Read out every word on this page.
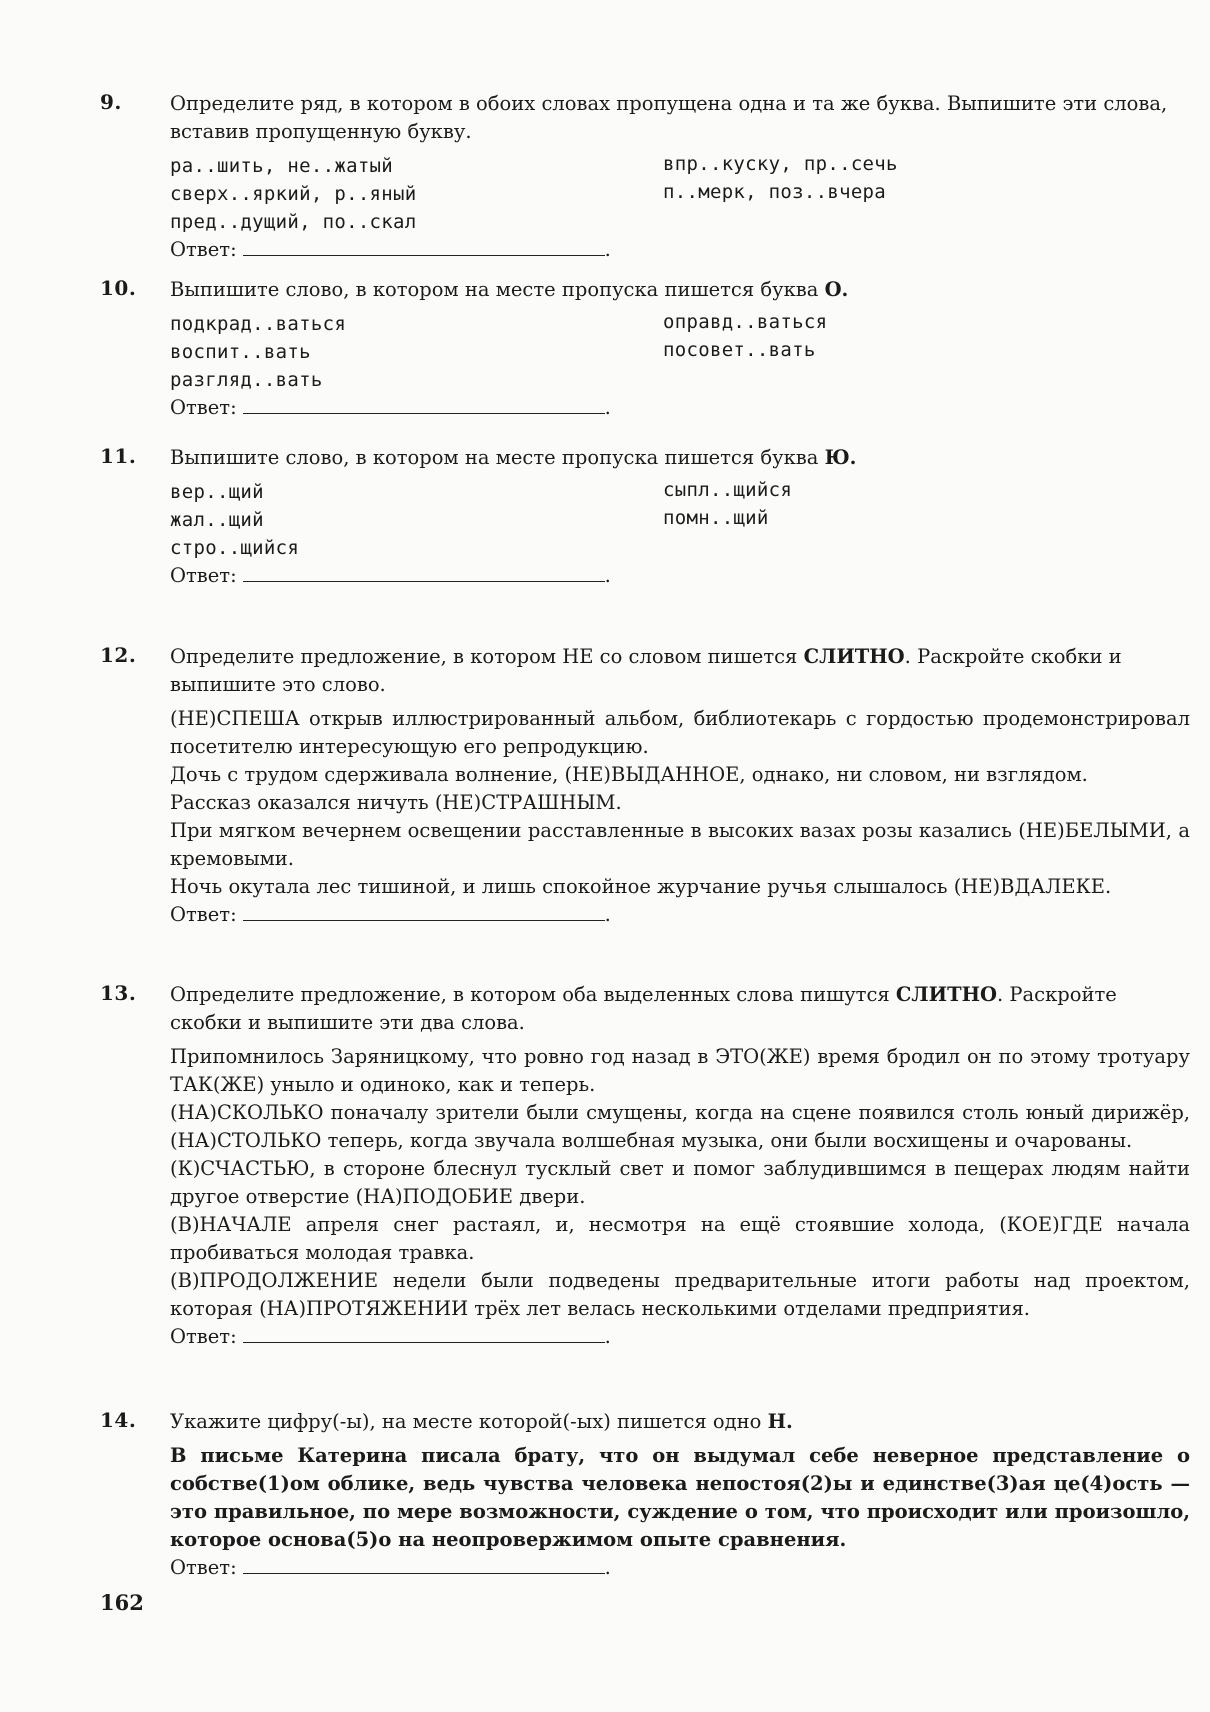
9. Определите ряд, в котором в обоих словах пропущена одна и та же буква. Выпишите эти слова, вставив пропущенную букву.

ра..шить, не..жатый
сверх..яркий, р..яный
пред..дущий, по..скал
впр..куску, пр..сечь
п..мерк, поз..вчера
Ответ:	.
10. Выпишите слово, в котором на месте пропуска пишется буква О.

подкрад..ваться
воспит..вать
разгляд..вать
оправд..ваться
посовет..вать
Ответ:	.
11. Выпишите слово, в котором на месте пропуска пишется буква Ю.

вер..щий
жал..щий
стро..щийся
сыпл..щийся
помн..щий
Ответ:	.
12. Определите предложение, в котором НЕ со словом пишется СЛИТНО. Раскройте скобки и выпишите это слово.

(НЕ)СПЕША открыв иллюстрированный альбом, библиотекарь с гордостью продемонстрировал посетителю интересующую его репродукцию.

Дочь с трудом сдерживала волнение, (НЕ)ВЫДАННОЕ, однако, ни словом, ни взглядом.

Рассказ оказался ничуть (НЕ)СТРАШНЫМ.

При мягком вечернем освещении расставленные в высоких вазах розы казались (НЕ)БЕЛЫМИ, а кремовыми.

Ночь окутала лес тишиной, и лишь спокойное журчание ручья слышалось (НЕ)ВДАЛЕКЕ.

Ответ:	.
13. Определите предложение, в котором оба выделенных слова пишутся СЛИТНО. Раскройте скобки и выпишите эти два слова.

Припомнилось Заряницкому, что ровно год назад в ЭТО(ЖЕ) время бродил он по этому тротуару ТАК(ЖЕ) уныло и одиноко, как и теперь.

(НА)СКОЛЬКО поначалу зрители были смущены, когда на сцене появился столь юный дирижёр, (НА)СТОЛЬКО теперь, когда звучала волшебная музыка, они были восхищены и очарованы.

(К)СЧАСТЬЮ, в стороне блеснул тусклый свет и помог заблудившимся в пещерах людям найти другое отверстие (НА)ПОДОБИЕ двери.

(В)НАЧАЛЕ апреля снег растаял, и, несмотря на ещё стоявшие холода, (КОЕ)ГДЕ начала пробиваться молодая травка.

(В)ПРОДОЛЖЕНИЕ недели были подведены предварительные итоги работы над проектом, которая (НА)ПРОТЯЖЕНИИ трёх лет велась несколькими отделами предприятия.

Ответ:	.
14. Укажите цифру(-ы), на месте которой(-ых) пишется одно Н.

В письме Катерина писала брату, что он выдумал себе неверное представление о собстве(1)ом облике, ведь чувства человека непостоя(2)ы и единстве(3)ая це(4)ость — это правильное, по мере возможности, суждение о том, что происходит или произошло, которое основа(5)о на неопровержимом опыте сравнения.
Ответ:	.
162
